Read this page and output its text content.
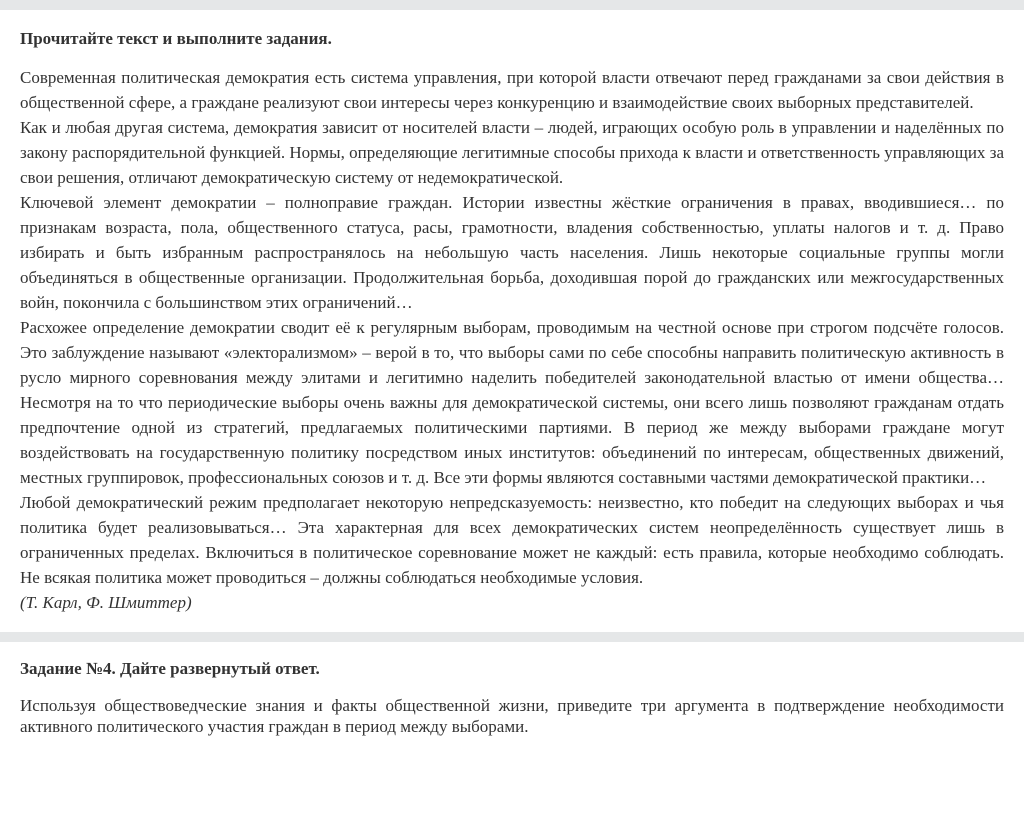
Прочитайте текст и выполните задания.

Современная политическая демократия есть система управления, при которой власти отвечают перед гражданами за свои действия в общественной сфере, а граждане реализуют свои интересы через конкуренцию и взаимодействие своих выборных представителей.

Как и любая другая система, демократия зависит от носителей власти – людей, играющих особую роль в управлении и наделённых по закону распорядительной функцией. Нормы, определяющие легитимные способы прихода к власти и ответственность управляющих за свои решения, отличают демократическую систему от недемократической.

Ключевой элемент демократии – полноправие граждан. Истории известны жёсткие ограничения в правах, вводившиеся… по признакам возраста, пола, общественного статуса, расы, грамотности, владения собственностью, уплаты налогов и т. д. Право избирать и быть избранным распространялось на небольшую часть населения. Лишь некоторые социальные группы могли объединяться в общественные организации. Продолжительная борьба, доходившая порой до гражданских или межгосударственных войн, покончила с большинством этих ограничений…

Расхожее определение демократии сводит её к регулярным выборам, проводимым на честной основе при строгом подсчёте голосов. Это заблуждение называют «электорализмом» – верой в то, что выборы сами по себе способны направить политическую активность в русло мирного соревнования между элитами и легитимно наделить победителей законодательной властью от имени общества… Несмотря на то что периодические выборы очень важны для демократической системы, они всего лишь позволяют гражданам отдать предпочтение одной из стратегий, предлагаемых политическими партиями. В период же между выборами граждане могут воздействовать на государственную политику посредством иных институтов: объединений по интересам, общественных движений, местных группировок, профессиональных союзов и т. д. Все эти формы являются составными частями демократической практики…

Любой демократический режим предполагает некоторую непредсказуемость: неизвестно, кто победит на следующих выборах и чья политика будет реализовываться… Эта характерная для всех демократических систем неопределённость существует лишь в ограниченных пределах. Включиться в политическое соревнование может не каждый: есть правила, которые необходимо соблюдать. Не всякая политика может проводиться – должны соблюдаться необходимые условия.

(Т. Карл, Ф. Шмиттер)

Задание №4. Дайте развернутый ответ.

Используя обществоведческие знания и факты общественной жизни, приведите три аргумента в подтверждение необходимости активного политического участия граждан в период между выборами.
